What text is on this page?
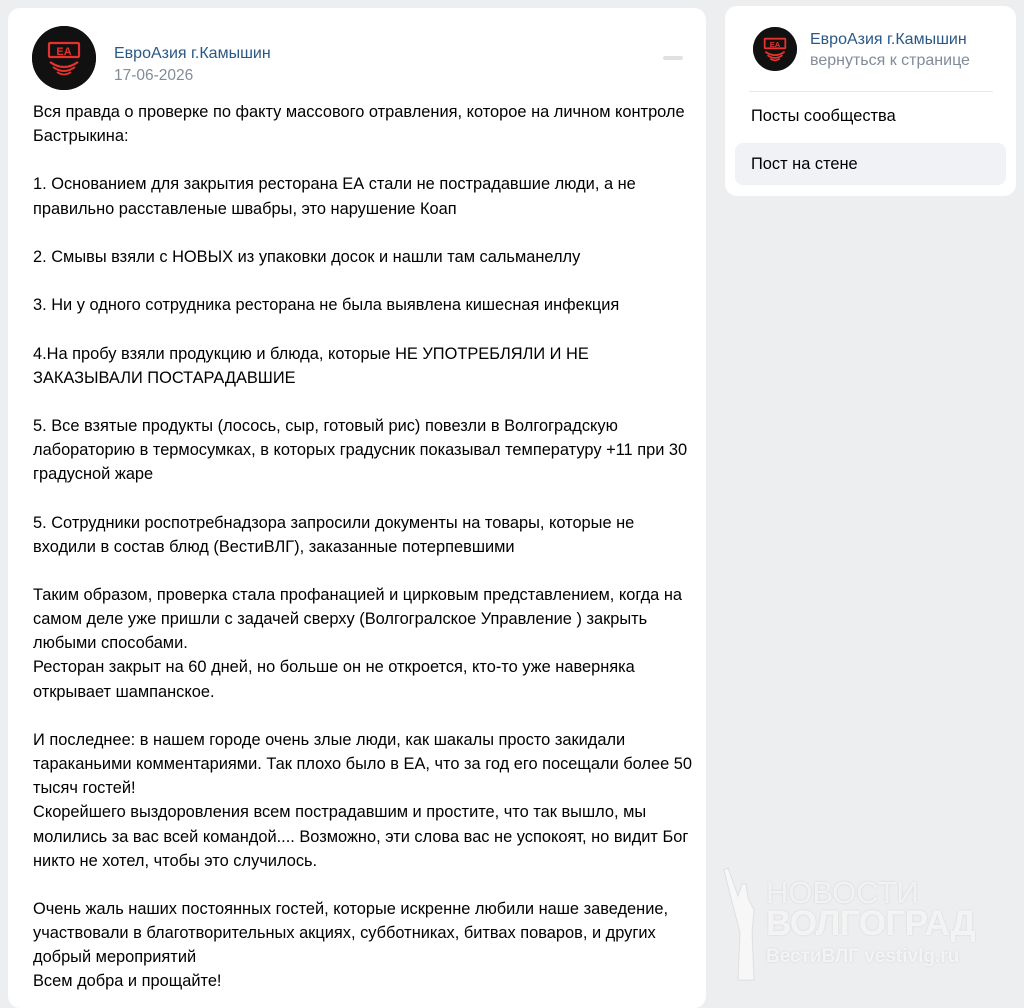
EA	ЕвроАзия г.Камышин
17-06-2026

Вся правда о проверке по факту массового отравления, которое на личном контроле Бастрыкина:

1. Основанием для закрытия ресторана ЕА стали не пострадавшие люди, а не правильно расставленые швабры, это нарушение Коап

2. Смывы взяли с НОВЫХ из упаковки досок и нашли там сальманеллу

3. Ни у одного сотрудника ресторана не была выявлена кишесная инфекция

4.На пробу взяли продукцию и блюда, которые НЕ УПОТРЕБЛЯЛИ И НЕ ЗАКАЗЫВАЛИ ПОСТАРАДАВШИЕ

5. Все взятые продукты (лосось, сыр, готовый рис) повезли в Волгоградскую лабораторию в термосумках, в которых градусник показывал температуру +11 при 30 градусной жаре

5. Сотрудники роспотребнадзора запросили документы на товары, которые не входили в состав блюд (ВестиВЛГ), заказанные потерпевшими

Таким образом, проверка стала профанацией и цирковым представлением, когда на самом деле уже пришли с задачей сверху (Волгогралское Управление ) закрыть любыми способами.

Ресторан закрыт на 60 дней, но больше он не откроется, кто-то уже наверняка открывает шампанское.

И последнее: в нашем городе очень злые люди, как шакалы просто закидали тараканьими комментариями. Так плохо было в ЕА, что за год его посещали более 50 тысяч гостей!

Скорейшего выздоровления всем пострадавшим и простите, что так вышло, мы молились за вас всей командой.... Возможно, эти слова вас не успокоят, но видит Бог никто не хотел, чтобы это случилось.

Очень жаль наших постоянных гостей, которые искренне любили наше заведение, участвовали в благотворительных акциях, субботниках, битвах поваров, и других добрый мероприятий

Всем добра и прощайте!

EA ЕвроАзия г.Камышин
вернуться к странице
Посты сообщества
Пост на стене
НОВОСТИ
ВОЛГОГРАД
ВестиВЛГ vestivlg.ru
